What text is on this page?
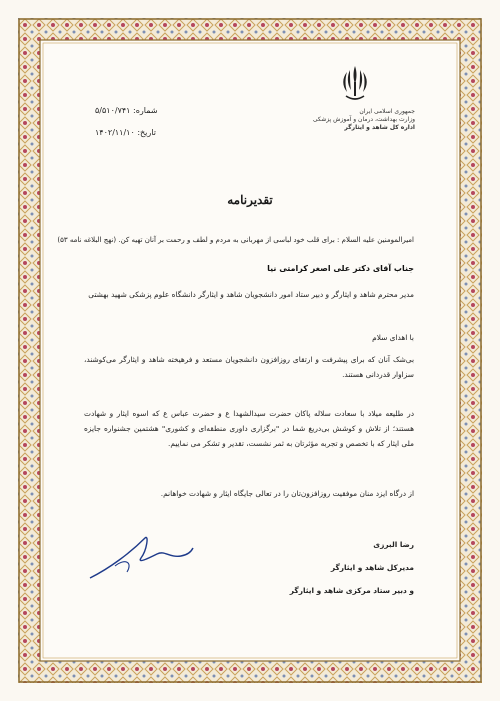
جمهوری اسلامی ایران
وزارت بهداشت، درمان و آموزش پزشکی
اداره کل شاهد و ایثارگر
شماره: ۵/۵۱۰/۷۴۱
تاریخ: ۱۴۰۲/۱۱/۱۰
تقدیرنامه
امیرالمومنین علیه السلام : برای قلب خود لباسی از مهربانی به مردم و لطف و رحمت بر آنان تهیه کن. (نهج البلاغه نامه ۵۳)
جناب آقای دکتر علی اصغر کرامتی نیا
مدیر محترم شاهد و ایثارگر و دبیر ستاد امور دانشجویان شاهد و ایثارگر دانشگاه علوم پزشکی شهید بهشتی
با اهدای سلام
بی‌شک آنان که برای پیشرفت و ارتقای روزافزون دانشجویان مستعد و فرهیخته شاهد و ایثارگر می‌کوشند، سزاوار قدردانی هستند.
در طلیعه میلاد با سعادت سلاله پاکان حضرت سیدالشهدا ع و حضرت عباس ع که اسوه ایثار و شهادت هستند؛ از تلاش و کوشش بی‌دریغ شما در "برگزاری داوری منطقه‌ای و کشوری" هشتمین جشنواره جایزه ملی ایثار که با تخصص و تجربه مؤثرتان به ثمر نشست، تقدیر و تشکر می نماییم.
از درگاه ایزد منان موفقیت روزافزون‌تان را در تعالی جایگاه ایثار و شهادت خواهانم.
رضا البرزی
مدیرکل شاهد و ایثارگر
و دبیر ستاد مرکزی شاهد و ایثارگر
